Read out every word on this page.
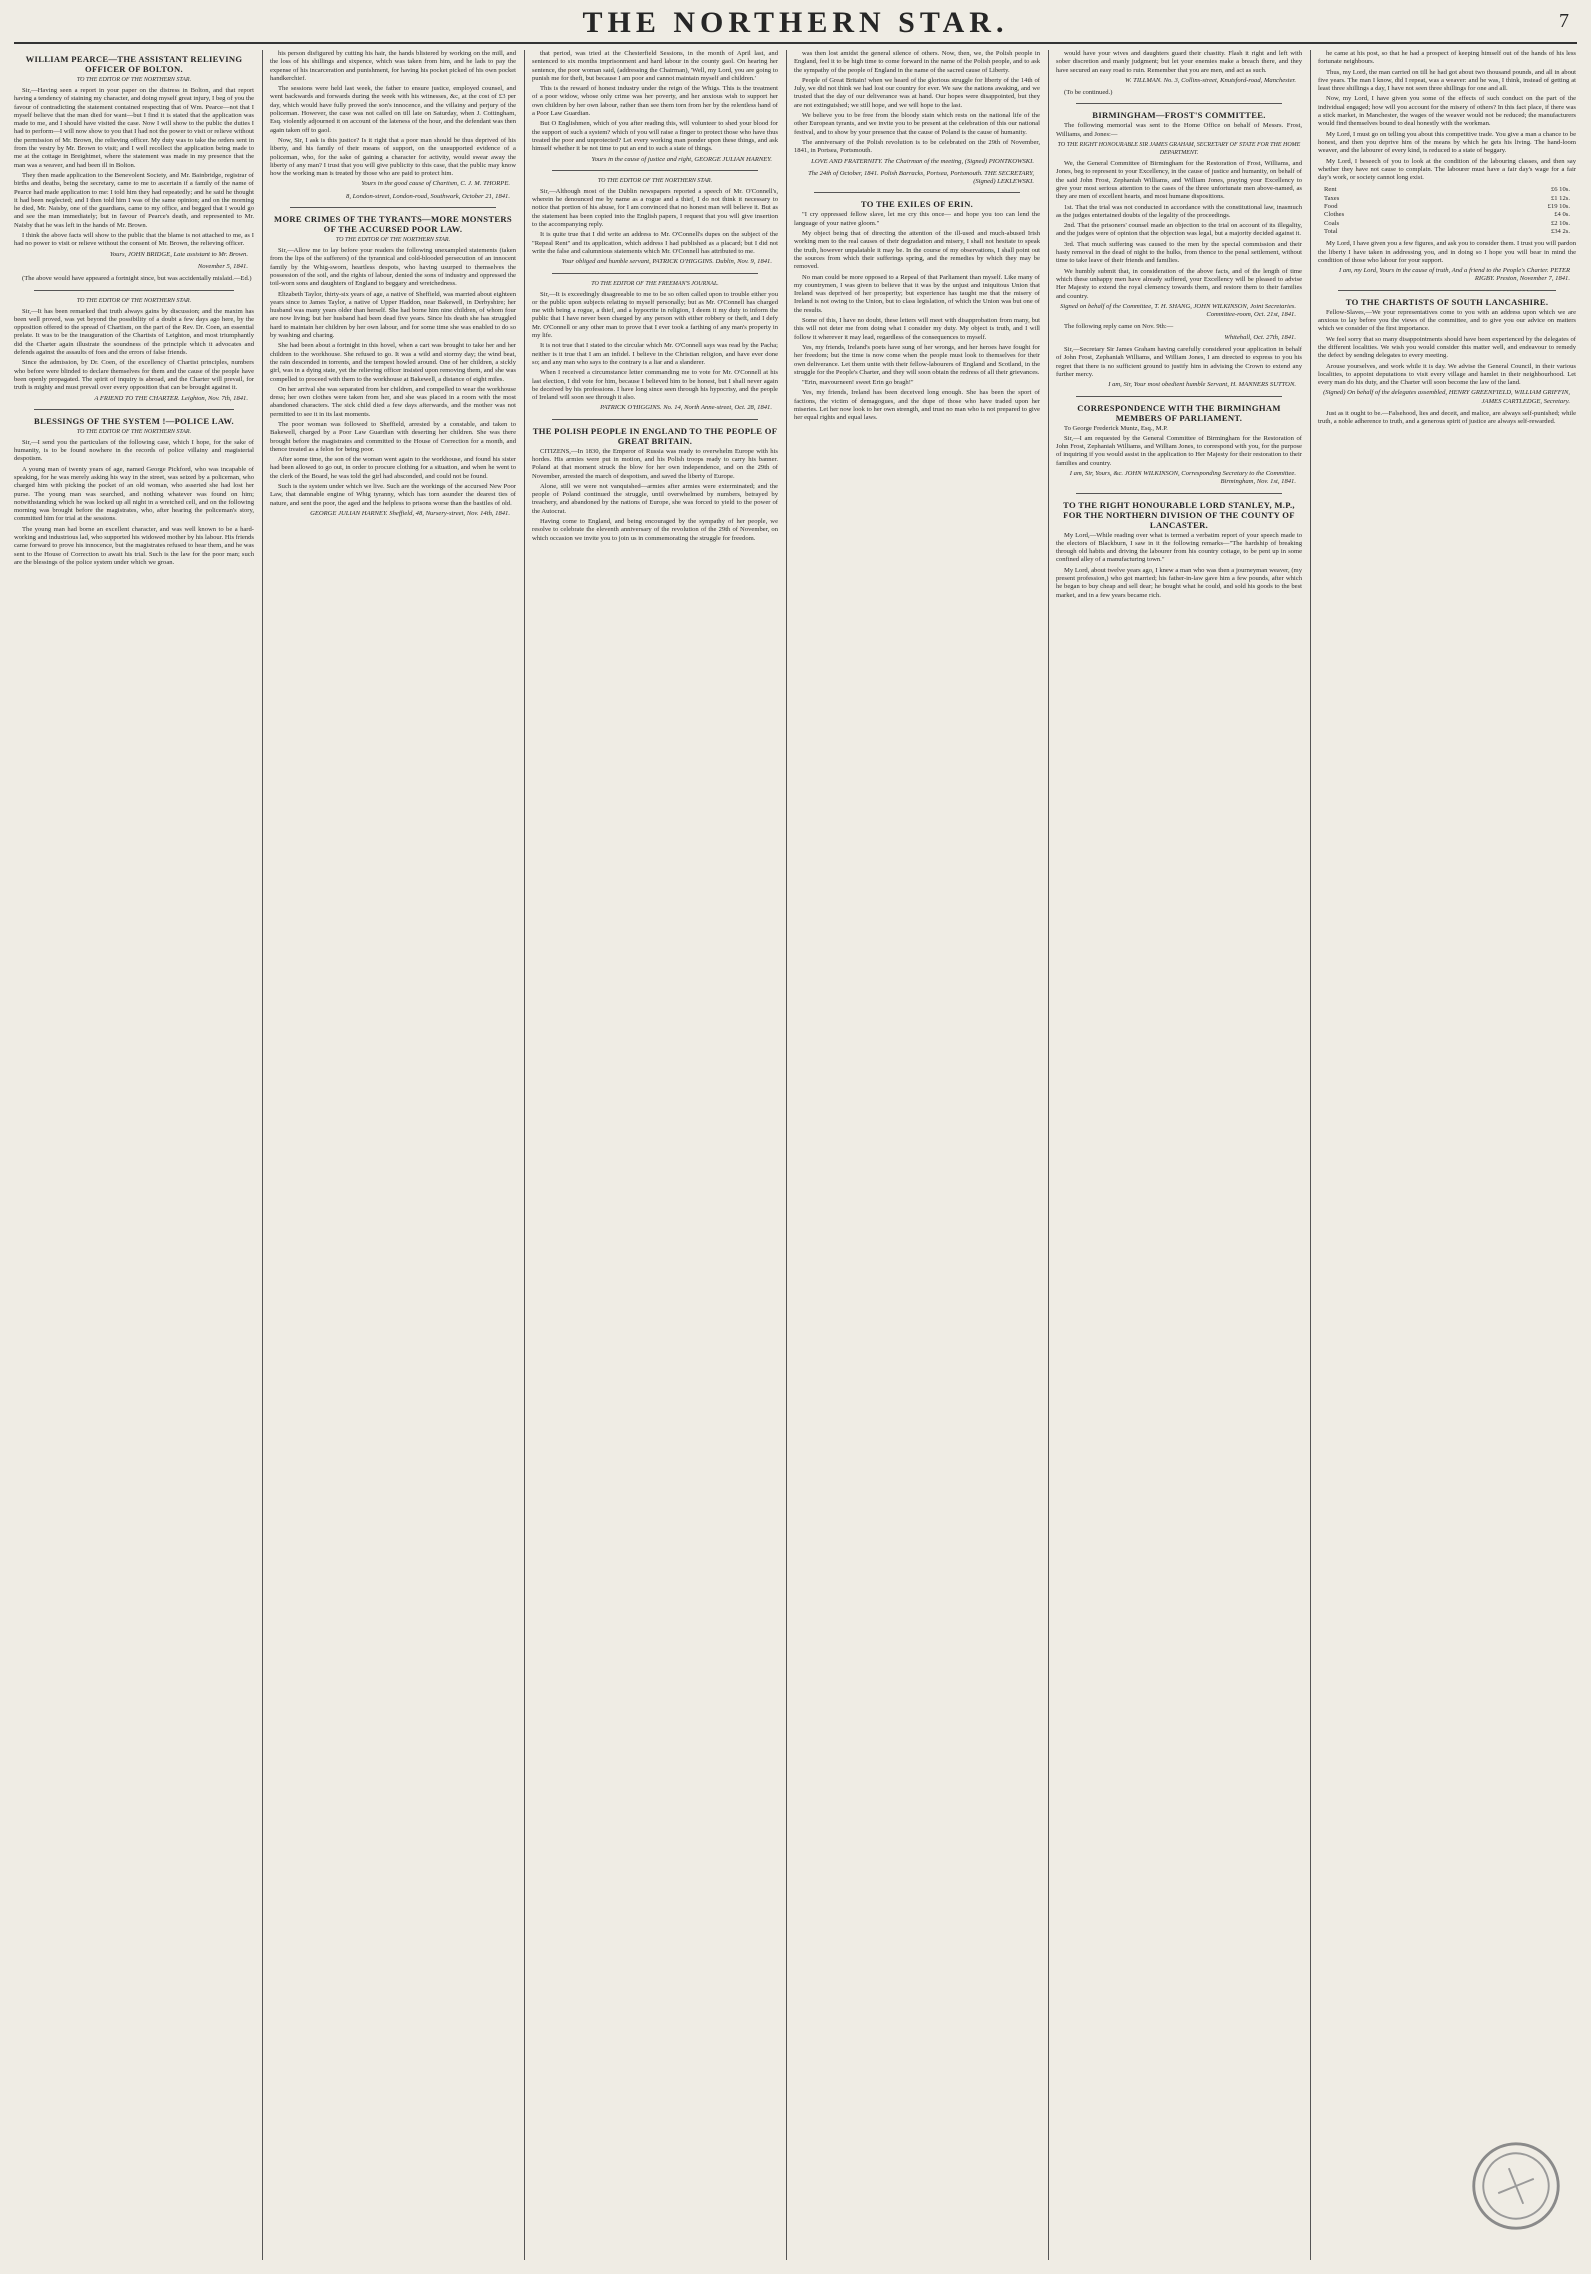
THE NORTHERN STAR.	7
WILLIAM PEARCE—THE ASSISTANT RELIEVING OFFICER OF BOLTON.
TO THE EDITOR OF THE NORTHERN STAR.

Sir,—Having seen a report in your paper on the distress in Bolton, and that report having a tendency of staining my character, and doing myself great injury, I beg of you the favour of contradicting the statement contained respecting that of Wm. Pearce—not that I myself believe that the man died for want—but I find it is stated that the application was made to me, and I should have visited the case. Now I will show to the public the duties I had to perform—I will now show to you that I had not the power to visit or relieve without the permission of Mr. Brown, the relieving officer. My duty was to take the orders sent in from the vestry by Mr. Brown to visit; and I well recollect the application being made to me at the cottage in Breightmet, where the statement was made in my presence that the man was a weaver, and had been ill in Bolton.

They then made application to the Benevolent Society, and Mr. Bainbridge, registrar of births and deaths, being the secretary, came to me to ascertain if a family of the name of Pearce had made application to me: I told him they had repeatedly; and he said he thought it had been neglected; and I then told him I was of the same opinion; and on the morning he died, Mr. Naisby, one of the guardians, came to my office, and begged that I would go and see the man immediately; but in favour of Pearce's death, and represented to Mr. Naisby that he was left in the hands of Mr. Brown.

I think the above facts will show to the public that the blame is not attached to me, as I had no power to visit or relieve without the consent of Mr. Brown, the relieving officer.

Yours, JOHN BRIDGE, Late assistant to Mr. Brown.
November 5, 1841.

(The above would have appeared a fortnight since, but was accidentally mislaid.—Ed.)

TO THE EDITOR OF THE NORTHERN STAR.

Sir,—It has been remarked that truth always gains by discussion; and the maxim has been well proved, was yet beyond the possibility of a doubt a few days ago here, by the opposition offered to the spread of Chartism, on the part of the Rev. Dr. Coen, an essential prelate. It was to be the inauguration of the Chartists of Leighton, and most triumphantly did the Charter again illustrate the soundness of the principle which it advocates and defends against the assaults of foes and the errors of false friends.

Since the admission, by Dr. Coen, of the excellency of Chartist principles, numbers who before were blinded to declare themselves for them and the cause of the people have been openly propagated. The spirit of inquiry is abroad, and the Charter will prevail, for truth is mighty and must prevail over every opposition that can be brought against it.

A FRIEND TO THE CHARTER. Leighton, Nov. 7th, 1841.
BLESSINGS OF THE SYSTEM !—POLICE LAW.
TO THE EDITOR OF THE NORTHERN STAR.

Sir,—I send you the particulars of the following case, which I hope, for the sake of humanity, is to be found nowhere in the records of police villainy and magisterial despotism.

A young man of twenty years of age, named George Pickford, who was incapable of speaking, for he was merely asking his way in the street, was seized by a policeman, who charged him with picking the pocket of an old woman, who asserted she had lost her purse. The young man was searched, and nothing whatever was found on him; notwithstanding which he was locked up all night in a wretched cell, and on the following morning was brought before the magistrates, who, after hearing the policeman's story, committed him for trial at the sessions.

The young man had borne an excellent character, and was well known to be a hard-working and industrious lad, who supported his widowed mother by his labour. His friends came forward to prove his innocence, but the magistrates refused to hear them, and he was sent to the House of Correction to await his trial. Such is the law for the poor man; such are the blessings of the police system under which we groan.

his person disfigured by cutting his hair, the hands blistered by working on the mill, and the loss of his shillings and sixpence, which was taken from him, and he lads to pay the expense of his incarceration and punishment, for having his pocket picked of his own pocket handkerchief.

The sessions were held last week, the father to ensure justice, employed counsel, and went backwards and forwards during the week with his witnesses, &c, at the cost of £3 per day, which would have fully proved the son's innocence, and the villainy and perjury of the policeman. However, the case was not called on till late on Saturday, when J. Cottingham, Esq. violently adjourned it on account of the lateness of the hour, and the defendant was then again taken off to gaol.

Now, Sir, I ask is this justice? Is it right that a poor man should be thus deprived of his liberty, and his family of their means of support, on the unsupported evidence of a policeman, who, for the sake of gaining a character for activity, would swear away the liberty of any man? I trust that you will give publicity to this case, that the public may know how the working man is treated by those who are paid to protect him.

Yours in the good cause of Chartism, C. J. M. THORPE.
8, London-street, London-road, Southwark, October 21, 1841.
MORE CRIMES OF THE TYRANTS—MORE MONSTERS OF THE ACCURSED POOR LAW.
TO THE EDITOR OF THE NORTHERN STAR.

Sir,—Allow me to lay before your readers the following unexampled statements (taken from the lips of the sufferers) of the tyrannical and cold-blooded persecution of an innocent family by the Whig-sworn, heartless despots, who having usurped to themselves the possession of the soil, and the rights of labour, denied the sons of industry and oppressed the toil-worn sons and daughters of England to beggary and wretchedness.

Elizabeth Taylor, thirty-six years of age, a native of Sheffield, was married about eighteen years since to James Taylor, a native of Upper Haddon, near Bakewell, in Derbyshire; her husband was many years older than herself. She had borne him nine children, of whom four are now living; but her husband had been dead five years. Since his death she has struggled hard to maintain her children by her own labour, and for some time she was enabled to do so by washing and charing.

She had been about a fortnight in this hovel, when a cart was brought to take her and her children to the workhouse. She refused to go. It was a wild and stormy day; the wind beat, the rain descended in torrents, and the tempest howled around. One of her children, a sickly girl, was in a dying state, yet the relieving officer insisted upon removing them, and she was compelled to proceed with them to the workhouse at Bakewell, a distance of eight miles.

On her arrival she was separated from her children, and compelled to wear the workhouse dress; her own clothes were taken from her, and she was placed in a room with the most abandoned characters. The sick child died a few days afterwards, and the mother was not permitted to see it in its last moments.

The poor woman was followed to Sheffield, arrested by a constable, and taken to Bakewell, charged by a Poor Law Guardian with deserting her children. She was there brought before the magistrates and committed to the House of Correction for a month, and thence treated as a felon for being poor.

After some time, the son of the woman went again to the workhouse, and found his sister had been allowed to go out, in order to procure clothing for a situation, and when he went to the clerk of the Board, he was told the girl had absconded, and could not be found.

Such is the system under which we live. Such are the workings of the accursed New Poor Law, that damnable engine of Whig tyranny, which has torn asunder the dearest ties of nature, and sent the poor, the aged and the helpless to prisons worse than the bastiles of old.

GEORGE JULIAN HARNEY. Sheffield, 48, Nursery-street, Nov. 14th, 1841.

that period, was tried at the Chesterfield Sessions, in the month of April last, and sentenced to six months imprisonment and hard labour in the county gaol. On hearing her sentence, the poor woman said, (addressing the Chairman), 'Well, my Lord, you are going to punish me for theft, but because I am poor and cannot maintain myself and children.'

This is the reward of honest industry under the reign of the Whigs. This is the treatment of a poor widow, whose only crime was her poverty, and her anxious wish to support her own children by her own labour, rather than see them torn from her by the relentless hand of a Poor Law Guardian.

But O Englishmen, which of you after reading this, will volunteer to shed your blood for the support of such a system? which of you will raise a finger to protect those who have thus treated the poor and unprotected? Let every working man ponder upon these things, and ask himself whether it be not time to put an end to such a state of things.

Yours in the cause of justice and right, GEORGE JULIAN HARNEY.
TO THE EDITOR OF THE NORTHERN STAR.

Sir,—Although most of the Dublin newspapers reported a speech of Mr. O'Connell's, wherein he denounced me by name as a rogue and a thief, I do not think it necessary to notice that portion of his abuse, for I am convinced that no honest man will believe it. But as the statement has been copied into the English papers, I request that you will give insertion to the accompanying reply.

It is quite true that I did write an address to Mr. O'Connell's dupes on the subject of the "Repeal Rent" and its application, which address I had published as a placard; but I did not write the false and calumnious statements which Mr. O'Connell has attributed to me.

Your obliged and humble servant, PATRICK O'HIGGINS. Dublin, Nov. 9, 1841.
TO THE EDITOR OF THE FREEMAN'S JOURNAL.

Sir,—It is exceedingly disagreeable to me to be so often called upon to trouble either you or the public upon subjects relating to myself personally; but as Mr. O'Connell has charged me with being a rogue, a thief, and a hypocrite in religion, I deem it my duty to inform the public that I have never been charged by any person with either robbery or theft, and I defy Mr. O'Connell or any other man to prove that I ever took a farthing of any man's property in my life.

It is not true that I stated to the circular which Mr. O'Connell says was read by the Pacha; neither is it true that I am an infidel. I believe in the Christian religion, and have ever done so; and any man who says to the contrary is a liar and a slanderer.

When I received a circumstance letter commanding me to vote for Mr. O'Connell at his last election, I did vote for him, because I believed him to be honest, but I shall never again be deceived by his professions. I have long since seen through his hypocrisy, and the people of Ireland will soon see through it also.

PATRICK O'HIGGINS. No. 14, North Anne-street, Oct. 28, 1841.
THE POLISH PEOPLE IN ENGLAND TO THE PEOPLE OF GREAT BRITAIN.

CITIZENS,—In 1830, the Emperor of Russia was ready to overwhelm Europe with his hordes. His armies were put in motion, and his Polish troops ready to carry his banner. Poland at that moment struck the blow for her own independence, and on the 29th of November, arrested the march of despotism, and saved the liberty of Europe.

Alone, still we were not vanquished—armies after armies were exterminated; and the people of Poland continued the struggle, until overwhelmed by numbers, betrayed by treachery, and abandoned by the nations of Europe, she was forced to yield to the power of the Autocrat.

Having come to England, and being encouraged by the sympathy of her people, we resolve to celebrate the eleventh anniversary of the revolution of the 29th of November, on which occasion we invite you to join us in commemorating the struggle for freedom.

was then lost amidst the general silence of others. Now, then, we, the Polish people in England, feel it to be high time to come forward in the name of the Polish people, and to ask the sympathy of the people of England in the name of the sacred cause of Liberty.

People of Great Britain! when we heard of the glorious struggle for liberty of the 14th of July, we did not think we had lost our country for ever. We saw the nations awaking, and we trusted that the day of our deliverance was at hand. Our hopes were disappointed, but they are not extinguished; we still hope, and we will hope to the last.

We believe you to be free from the bloody stain which rests on the national life of the other European tyrants, and we invite you to be present at the celebration of this our national festival, and to show by your presence that the cause of Poland is the cause of humanity.

The anniversary of the Polish revolution is to be celebrated on the 29th of November, 1841, in Portsea, Portsmouth.

LOVE AND FRATERNITY. The Chairman of the meeting, (Signed) PIONTKOWSKI.
The 24th of October, 1841. Polish Barracks, Portsea, Portsmouth. THE SECRETARY, (Signed) LEKLEWSKI.
TO THE EXILES OF ERIN.

"I cry oppressed fellow slave, let me cry this once— and hope you too can lend the language of your native gloom."

My object being that of directing the attention of the ill-used and much-abused Irish working men to the real causes of their degradation and misery, I shall not hesitate to speak the truth, however unpalatable it may be. In the course of my observations, I shall point out the sources from which their sufferings spring, and the remedies by which they may be removed.

No man could be more opposed to a Repeal of that Parliament than myself. Like many of my countrymen, I was given to believe that it was by the unjust and iniquitous Union that Ireland was deprived of her prosperity; but experience has taught me that the misery of Ireland is not owing to the Union, but to class legislation, of which the Union was but one of the results.

Some of this, I have no doubt, these letters will meet with disapprobation from many, but this will not deter me from doing what I consider my duty. My object is truth, and I will follow it wherever it may lead, regardless of the consequences to myself.

Yes, my friends, Ireland's poets have sung of her wrongs, and her heroes have fought for her freedom; but the time is now come when the people must look to themselves for their own deliverance. Let them unite with their fellow-labourers of England and Scotland, in the struggle for the People's Charter, and they will soon obtain the redress of all their grievances.

"Erin, mavourneen! sweet Erin go bragh!"

Yes, my friends, Ireland has been deceived long enough. She has been the sport of factions, the victim of demagogues, and the dupe of those who have traded upon her miseries. Let her now look to her own strength, and trust no man who is not prepared to give her equal rights and equal laws.

would have your wives and daughters guard their chastity. Flash it right and left with sober discretion and manly judgment; but let your enemies make a breach there, and they have secured an easy road to ruin. Remember that you are men, and act as such.

W. TILLMAN. No. 3, Collins-street, Knutsford-road, Manchester.

(To be continued.)

BIRMINGHAM—FROST'S COMMITTEE.

The following memorial was sent to the Home Office on behalf of Messrs. Frost, Williams, and Jones:—

TO THE RIGHT HONOURABLE SIR JAMES GRAHAM, SECRETARY OF STATE FOR THE HOME DEPARTMENT.

We, the General Committee of Birmingham for the Restoration of Frost, Williams, and Jones, beg to represent to your Excellency, in the cause of justice and humanity, on behalf of the said John Frost, Zephaniah Williams, and William Jones, praying your Excellency to give your most serious attention to the cases of the three unfortunate men above-named, as they are men of excellent hearts, and most humane dispositions.

1st. That the trial was not conducted in accordance with the constitutional law, inasmuch as the judges entertained doubts of the legality of the proceedings.

2nd. That the prisoners' counsel made an objection to the trial on account of its illegality, and the judges were of opinion that the objection was legal, but a majority decided against it.

3rd. That much suffering was caused to the men by the special commission and their hasty removal in the dead of night to the hulks, from thence to the penal settlement, without time to take leave of their friends and families.

We humbly submit that, in consideration of the above facts, and of the length of time which these unhappy men have already suffered, your Excellency will be pleased to advise Her Majesty to extend the royal clemency towards them, and restore them to their families and country.

Signed on behalf of the Committee, T. H. SHANG, JOHN WILKINSON, Joint Secretaries. Committee-room, Oct. 21st, 1841.

The following reply came on Nov. 9th:—

Whitehall, Oct. 27th, 1841.

Sir,—Secretary Sir James Graham having carefully considered your application in behalf of John Frost, Zephaniah Williams, and William Jones, I am directed to express to you his regret that there is no sufficient ground to justify him in advising the Crown to extend any further mercy.

I am, Sir, Your most obedient humble Servant, H. MANNERS SUTTON.
CORRESPONDENCE WITH THE BIRMINGHAM MEMBERS OF PARLIAMENT.

To George Frederick Muntz, Esq., M.P.

Sir,—I am requested by the General Committee of Birmingham for the Restoration of John Frost, Zephaniah Williams, and William Jones, to correspond with you, for the purpose of inquiring if you would assist in the application to Her Majesty for their restoration to their families and country.

I am, Sir, Yours, &c. JOHN WILKINSON, Corresponding Secretary to the Committee. Birmingham, Nov. 1st, 1841.
TO THE RIGHT HONOURABLE LORD STANLEY, M.P., FOR THE NORTHERN DIVISION OF THE COUNTY OF LANCASTER.

My Lord,—While reading over what is termed a verbatim report of your speech made to the electors of Blackburn, I saw in it the following remarks—"The hardship of breaking through old habits and driving the labourer from his country cottage, to be pent up in some confined alley of a manufacturing town."

My Lord, about twelve years ago, I knew a man who was then a journeyman weaver, (my present profession,) who got married; his father-in-law gave him a few pounds, after which he began to buy cheap and sell dear; he bought what he could, and sold his goods to the best market, and in a few years became rich.

he came at his post, so that he had a prospect of keeping himself out of the hands of his less fortunate neighbours.

Thus, my Lord, the man carried on till he had got about two thousand pounds, and all in about five years. The man I know, did I repeat, was a weaver: and he was, I think, instead of getting at least three shillings a day, I have not seen three shillings for one and all.

Now, my Lord, I have given you some of the effects of such conduct on the part of the individual engaged; how will you account for the misery of others? In this fact place, if there was a stick market, in Manchester, the wages of the weaver would not be reduced; the manufacturers would find themselves bound to deal honestly with the workman.

My Lord, I must go on telling you about this competitive trade. You give a man a chance to be honest, and then you deprive him of the means by which he gets his living. The hand-loom weaver, and the labourer of every kind, is reduced to a state of beggary.

My Lord, I beseech of you to look at the condition of the labouring classes, and then say whether they have not cause to complain. The labourer must have a fair day's wage for a fair day's work, or society cannot long exist.

Rent	£6 10s.
Taxes	£1 12s.
Food	£19 10s.
Clothes	£4 0s.
Coals	£2 10s.
Total	£34 2s.

My Lord, I have given you a few figures, and ask you to consider them. I trust you will pardon the liberty I have taken in addressing you, and in doing so I hope you will bear in mind the condition of those who labour for your support.

I am, my Lord, Yours in the cause of truth, And a friend to the People's Charter. PETER RIGBY. Preston, November 7, 1841.
TO THE CHARTISTS OF SOUTH LANCASHIRE.

Fellow-Slaves,—We your representatives come to you with an address upon which we are anxious to lay before you the views of the committee, and to give you our advice on matters which we consider of the first importance.

We feel sorry that so many disappointments should have been experienced by the delegates of the different localities. We wish you would consider this matter well, and endeavour to remedy the defect by sending delegates to every meeting.

Arouse yourselves, and work while it is day. We advise the General Council, in their various localities, to appoint deputations to visit every village and hamlet in their neighbourhood. Let every man do his duty, and the Charter will soon become the law of the land.

(Signed) On behalf of the delegates assembled, HENRY GREENFIELD, WILLIAM GRIFFIN, JAMES CARTLEDGE, Secretary.

Just as it ought to be.—Falsehood, lies and deceit, and malice, are always self-punished; while truth, a noble adherence to truth, and a generous spirit of justice are always self-rewarded.
